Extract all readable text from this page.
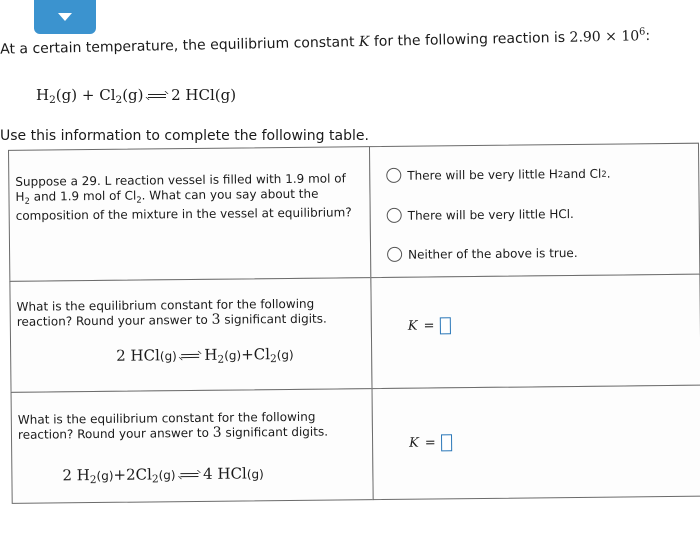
At a certain temperature, the equilibrium constant K for the following reaction is $2.90 \times 10^6$:
$H_2(g) + Cl_2(g)$ 2 HCl(g)
Use this information to complete the following table.
Suppose a 29. L reaction vessel is filled with 1.9 mol of
$H_2$ and 1.9 mol of $Cl_2$. What can you say about the
composition of the mixture in the vessel at equilibrium?
There will be very little H 2 and Cl 2 .
There will be very little HCl.
Neither of the above is true.
What is the equilibrium constant for the following
reaction? Round your answer to 3 significant digits.
2 HCl(g) $H_2(g)+Cl_2(g)$
K =
What is the equilibrium constant for the following
reaction? Round your answer to 3 significant digits.
2 $H_2(g)+2Cl_2(g)$ 4 HCl(g)
K =
